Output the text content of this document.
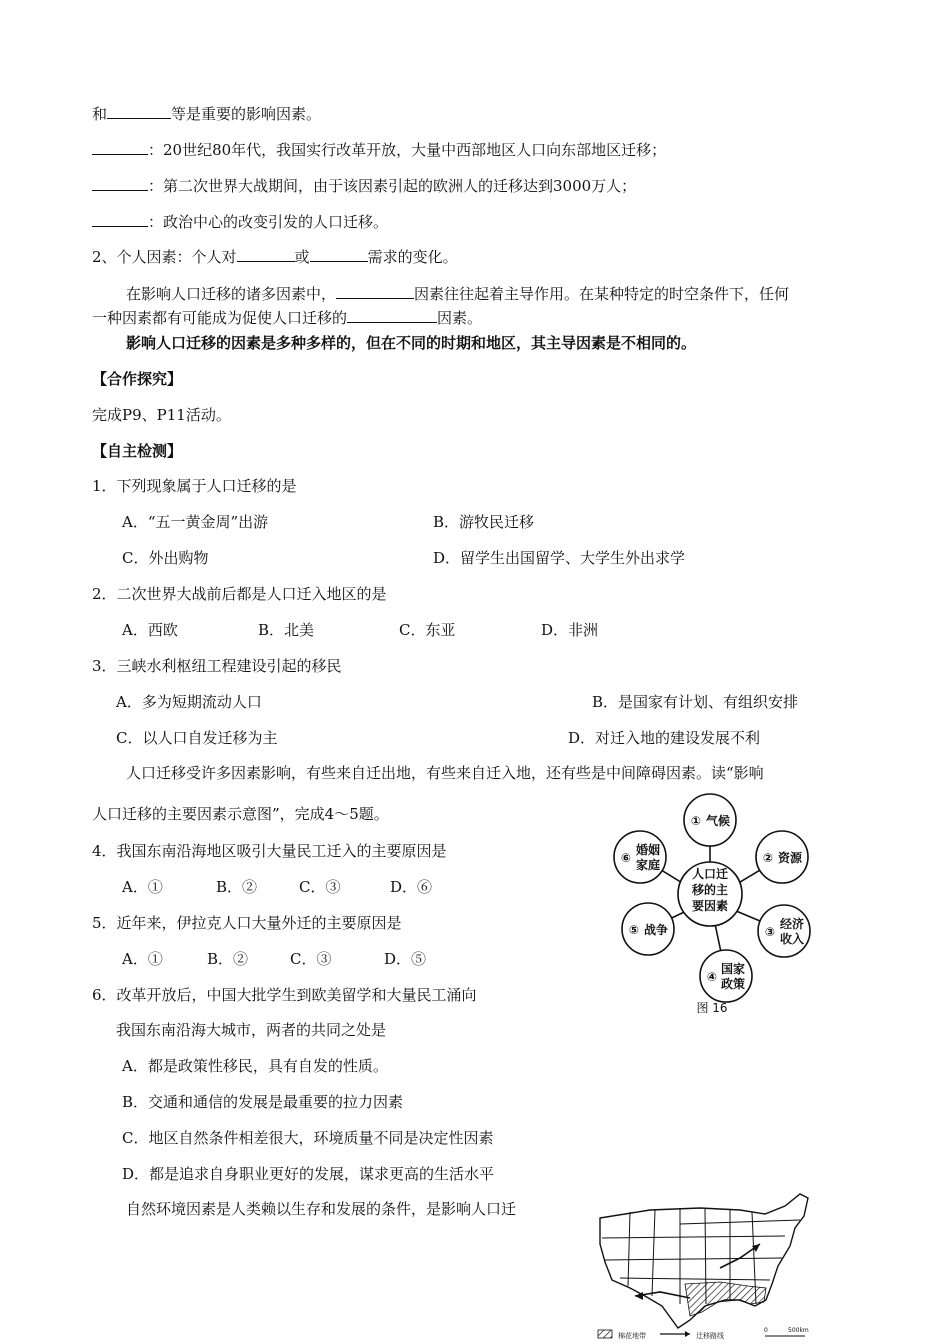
和	等是重要的影响因素。
：20世纪80年代，我国实行改革开放，大量中西部地区人口向东部地区迁移；
：第二次世界大战期间，由于该因素引起的欧洲人的迁移达到3000万人；
：政治中心的改变引发的人口迁移。
2、个人因素：个人对	或	需求的变化。
在影响人口迁移的诸多因素中，	因素往往起着主导作用。在某种特定的时空条件下，任何
一种因素都有可能成为促使人口迁移的	因素。
影响人口迁移的因素是多种多样的，但在不同的时期和地区，其主导因素是不相同的。
【合作探究】
完成P9、P11活动。
【自主检测】
1．下列现象属于人口迁移的是
A．“五一黄金周”出游	B．游牧民迁移
C．外出购物	D．留学生出国留学、大学生外出求学
2．二次世界大战前后都是人口迁入地区的是
A．西欧	B．北美	C．东亚	D．非洲
3．三峡水利枢纽工程建设引起的移民
A．多为短期流动人口	B．是国家有计划、有组织安排
C．以人口自发迁移为主	D．对迁入地的建设发展不利
人口迁移受许多因素影响，有些来自迁出地，有些来自迁入地，还有些是中间障碍因素。读“影响
人口迁移的主要因素示意图”，完成4～5题。
4．我国东南沿海地区吸引大量民工迁入的主要原因是
A．①	B．②	C．③	D．⑥
5．近年来，伊拉克人口大量外迁的主要原因是
A．①	B．②	C．③	D．⑤
6．改革开放后，中国大批学生到欧美留学和大量民工涌向
我国东南沿海大城市，两者的共同之处是
A．都是政策性移民，具有自发的性质。
B．交通和通信的发展是最重要的拉力因素
C．地区自然条件相差很大，环境质量不同是决定性因素
D．都是追求自身职业更好的发展，谋求更高的生活水平
自然环境因素是人类赖以生存和发展的条件，是影响人口迁
人口迁
移的主
要因素
① 气候
② 资源
③
经济
收入
④
国家
政策
⑤ 战争
⑥
婚姻
家庭
图 16
棉花地带	迁移路线
0	500km
